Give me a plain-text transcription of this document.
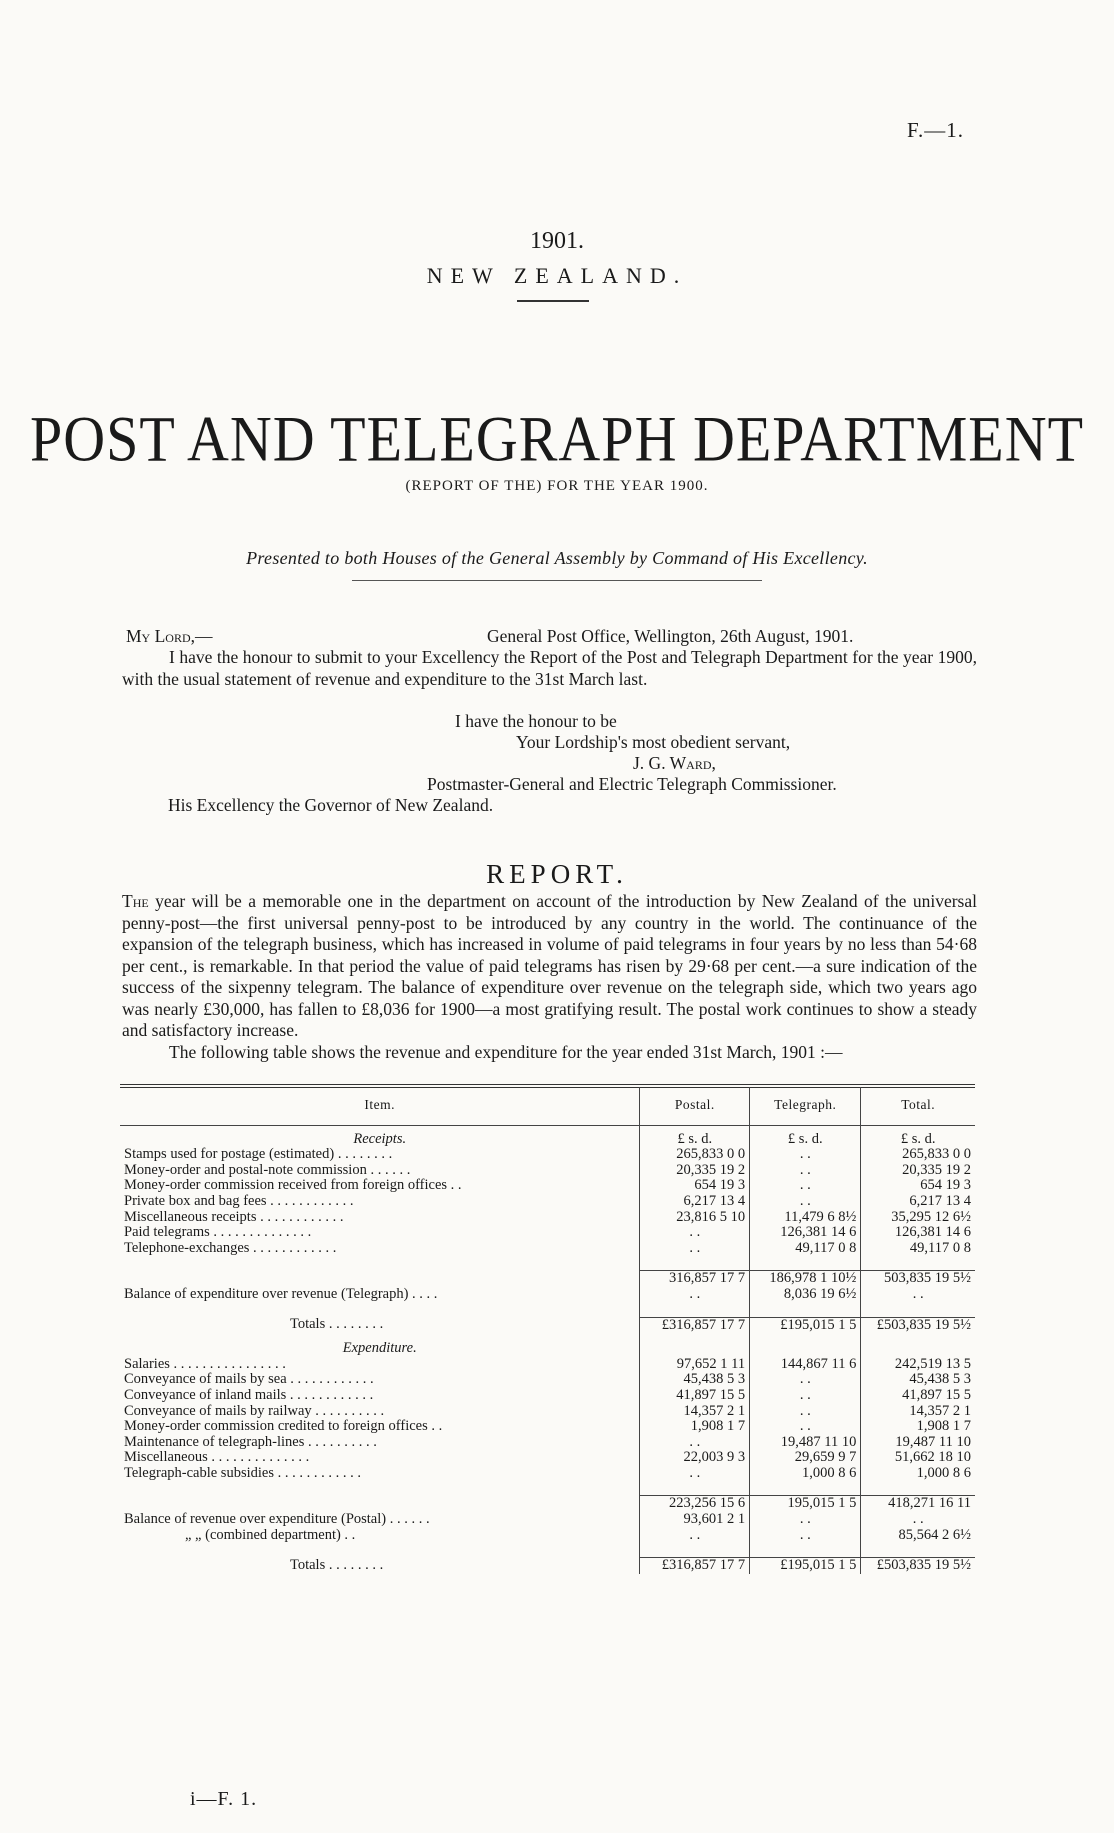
F.—1.
1901.
NEW ZEALAND.
POST AND TELEGRAPH DEPARTMENT
(REPORT OF THE) FOR THE YEAR 1900.
Presented to both Houses of the General Assembly by Command of His Excellency.
My Lord,—	General Post Office, Wellington, 26th August, 1901.

I have the honour to submit to your Excellency the Report of the Post and Telegraph Department for the year 1900, with the usual statement of revenue and expenditure to the 31st March last.

I have the honour to be
Your Lordship's most obedient servant,
J. G. Ward,
Postmaster-General and Electric Telegraph Commissioner.
His Excellency the Governor of New Zealand.
REPORT.

The year will be a memorable one in the department on account of the introduction by New Zealand of the universal penny-post—the first universal penny-post to be introduced by any country in the world. The continuance of the expansion of the telegraph business, which has increased in volume of paid telegrams in four years by no less than 54·68 per cent., is remarkable. In that period the value of paid telegrams has risen by 29·68 per cent.—a sure indication of the success of the sixpenny telegram. The balance of expenditure over revenue on the telegraph side, which two years ago was nearly £30,000, has fallen to £8,036 for 1900—a most gratifying result. The postal work continues to show a steady and satisfactory increase.

The following table shows the revenue and expenditure for the year ended 31st March, 1901 :—

Item.	Postal.	Telegraph.	Total.
Receipts.	£ s. d.	£ s. d.	£ s. d.
Stamps used for postage (estimated) . . . . . . . .	265,833 0 0	. .	265,833 0 0
Money-order and postal-note commission . . . . . .	20,335 19 2	. .	20,335 19 2
Money-order commission received from foreign offices . .	654 19 3	. .	654 19 3
Private box and bag fees . . . . . . . . . . . .	6,217 13 4	. .	6,217 13 4
Miscellaneous receipts . . . . . . . . . . . .	23,816 5 10	11,479 6 8½	35,295 12 6½
Paid telegrams . . . . . . . . . . . . . .	. .	126,381 14 6	126,381 14 6
Telephone-exchanges . . . . . . . . . . . .	. .	49,117 0 8	49,117 0 8

	316,857 17 7	186,978 1 10½	503,835 19 5½
Balance of expenditure over revenue (Telegraph) . . . .	. .	8,036 19 6½	. .

Totals . . . . . . . .	£316,857 17 7	£195,015 1 5	£503,835 19 5½
Expenditure.			
Salaries . . . . . . . . . . . . . . . .	97,652 1 11	144,867 11 6	242,519 13 5
Conveyance of mails by sea . . . . . . . . . . . .	45,438 5 3	. .	45,438 5 3
Conveyance of inland mails . . . . . . . . . . . .	41,897 15 5	. .	41,897 15 5
Conveyance of mails by railway . . . . . . . . . .	14,357 2 1	. .	14,357 2 1
Money-order commission credited to foreign offices . .	1,908 1 7	. .	1,908 1 7
Maintenance of telegraph-lines . . . . . . . . . .	. .	19,487 11 10	19,487 11 10
Miscellaneous . . . . . . . . . . . . . .	22,003 9 3	29,659 9 7	51,662 18 10
Telegraph-cable subsidies . . . . . . . . . . . .	. .	1,000 8 6	1,000 8 6

	223,256 15 6	195,015 1 5	418,271 16 11
Balance of revenue over expenditure (Postal) . . . . . .	93,601 2 1	. .	. .
„ „ (combined department) . .	. .	. .	85,564 2 6½

Totals . . . . . . . .	£316,857 17 7	£195,015 1 5	£503,835 19 5½
i—F. 1.
